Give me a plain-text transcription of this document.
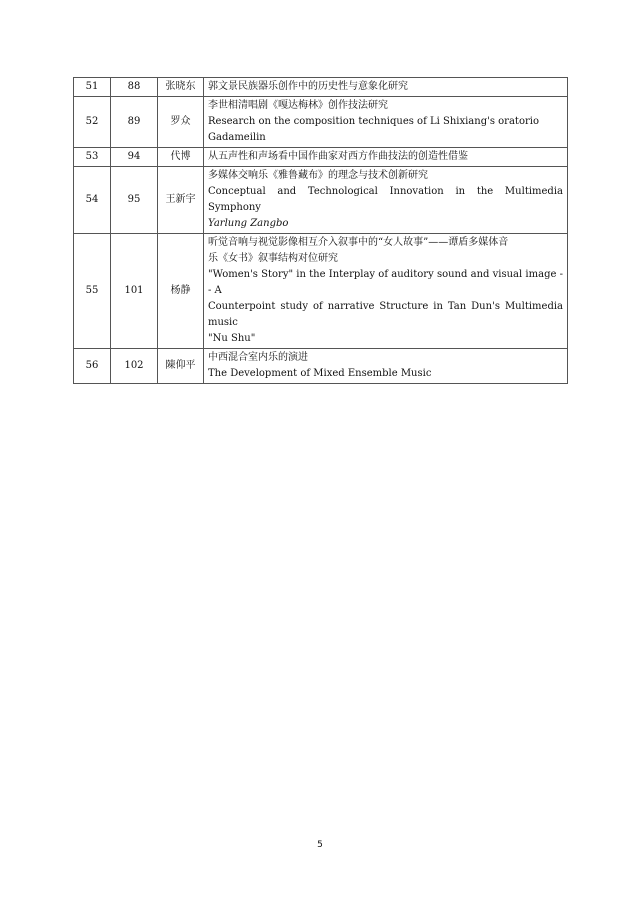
51	88	张晓东	郭文景民族器乐创作中的历史性与意象化研究

52	89	罗众	李世相清唱剧《嘎达梅林》创作技法研究
Research on the composition techniques of Li Shixiang's oratorio
Gadameilin

53	94	代博	从五声性和声场看中国作曲家对西方作曲技法的创造性借鉴

54	95	王新宇	多媒体交响乐《雅鲁藏布》的理念与技术创新研究
Conceptual and Technological Innovation in the Multimedia Symphony
Yarlung Zangbo

55	101	杨静	听觉音响与视觉影像相互介入叙事中的“女人故事”——谭盾多媒体音
乐《女书》叙事结构对位研究
"Women's Story" in the Interplay of auditory sound and visual image -- A
Counterpoint study of narrative Structure in Tan Dun's Multimedia music
"Nu Shu"

56	102	陳仰平	中西混合室内乐的演进
The Development of Mixed Ensemble Music
5
